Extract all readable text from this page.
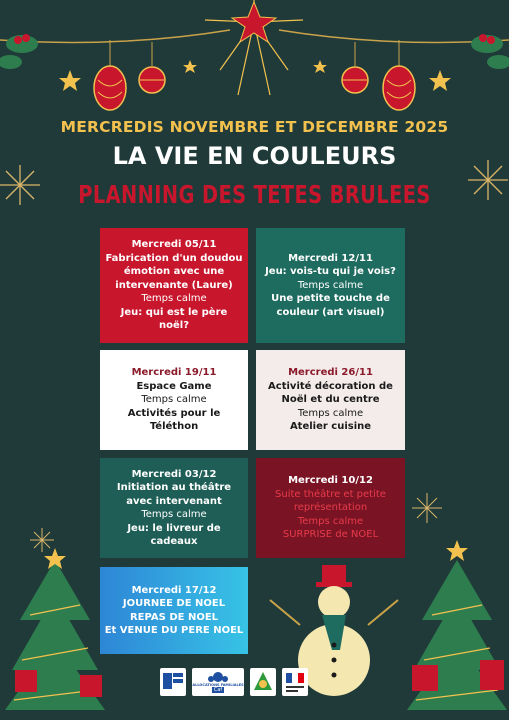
MERCREDIS NOVEMBRE ET DECEMBRE 2025
LA VIE EN COULEURS
PLANNING DES TETES BRULEES
Mercredi 05/11
Fabrication d'un doudou émotion avec une intervenante (Laure)
Temps calme
Jeu: qui est le père noël?
Mercredi 12/11
Jeu: vois-tu qui je vois?
Temps calme
Une petite touche de couleur (art visuel)
Mercredi 19/11
Espace Game
Temps calme
Activités pour le Téléthon
Mercredi 26/11
Activité décoration de Noël et du centre
Temps calme
Atelier cuisine
Mercredi 03/12
Initiation au théâtre avec intervenant
Temps calme
Jeu: le livreur de cadeaux
Mercredi 10/12
Suite théâtre et petite représentation
Temps calme
SURPRISE de NOEL
Mercredi 17/12
JOURNEE DE NOEL
REPAS DE NOEL
Et VENUE DU PERE NOEL
ALLOCATIONS FAMILIALES
Caf
